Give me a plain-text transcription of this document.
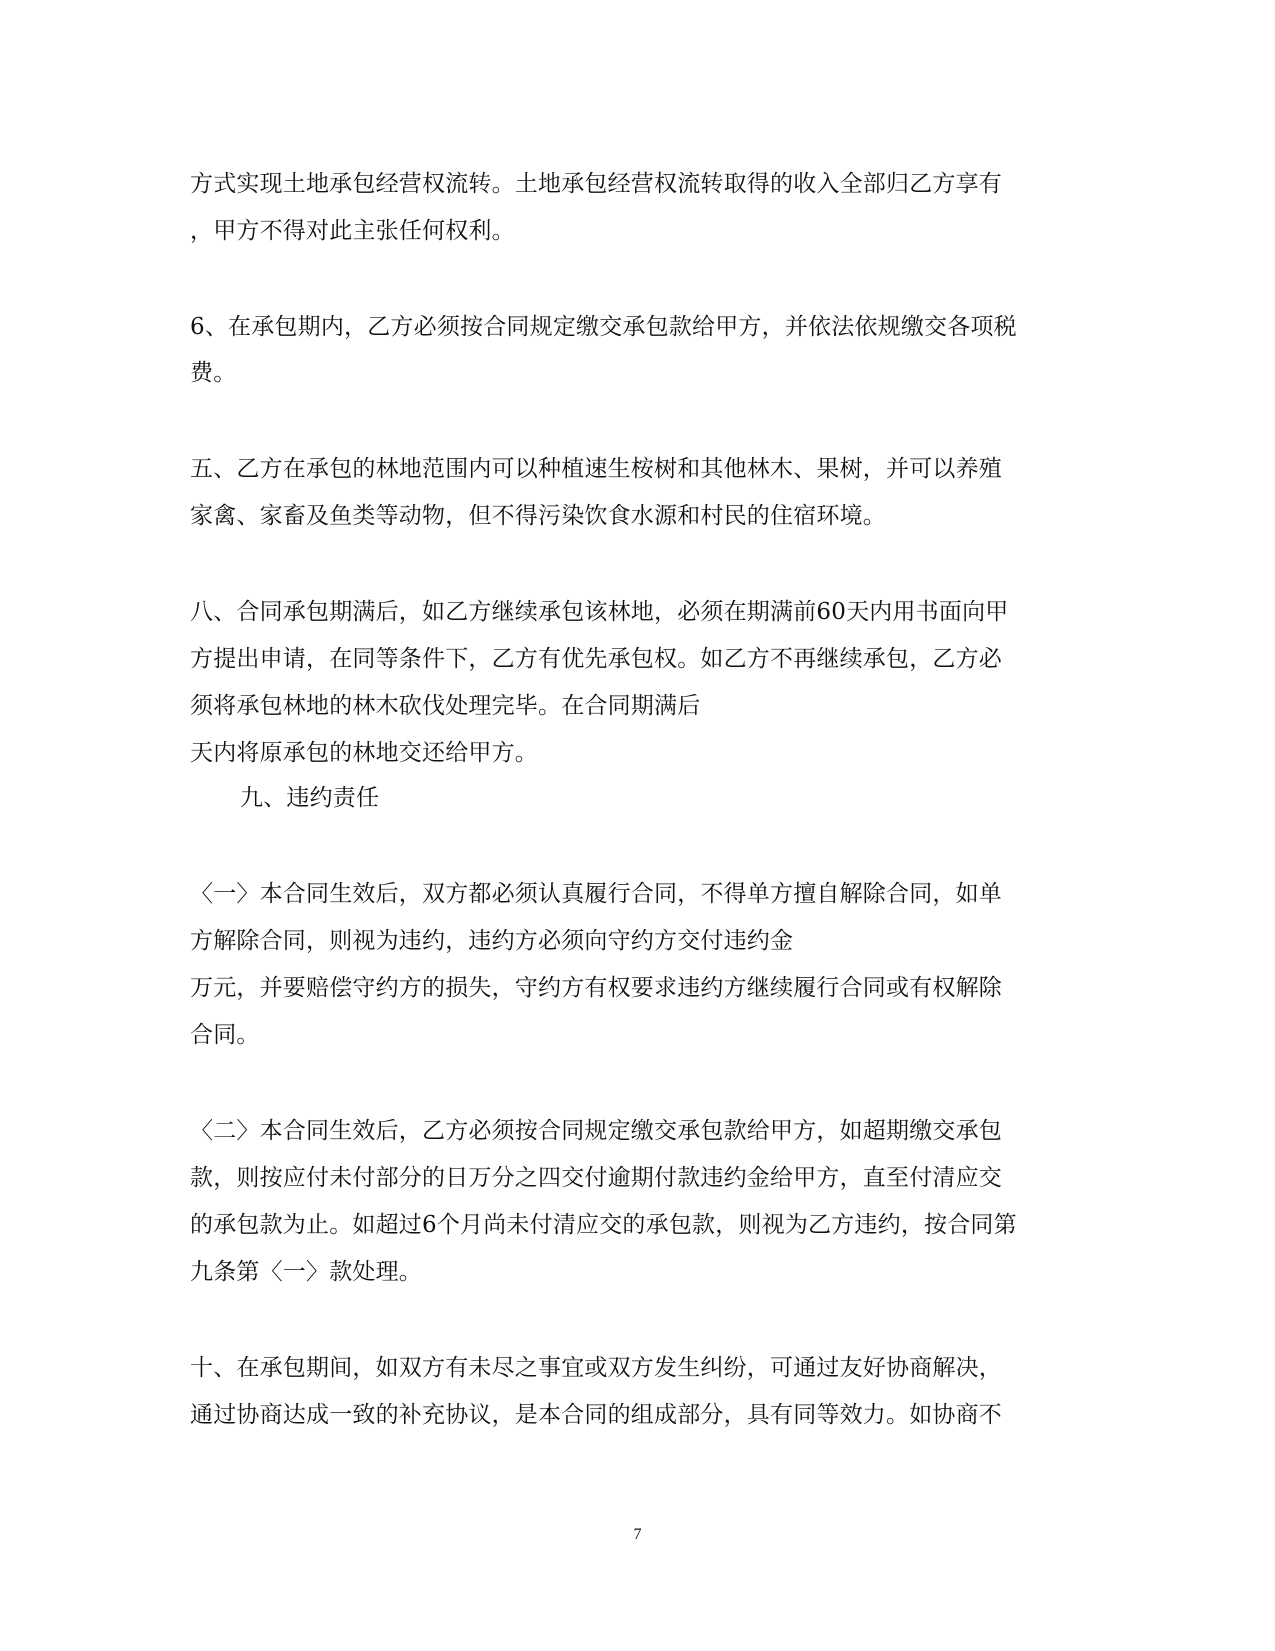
方式实现土地承包经营权流转。土地承包经营权流转取得的收入全部归乙方享有
，甲方不得对此主张任何权利。
6、在承包期内，乙方必须按合同规定缴交承包款给甲方，并依法依规缴交各项税
费。
五、乙方在承包的林地范围内可以种植速生桉树和其他林木、果树，并可以养殖
家禽、家畜及鱼类等动物，但不得污染饮食水源和村民的住宿环境。
八、合同承包期满后，如乙方继续承包该林地，必须在期满前60天内用书面向甲
方提出申请，在同等条件下，乙方有优先承包权。如乙方不再继续承包，乙方必
须将承包林地的林木砍伐处理完毕。在合同期满后
天内将原承包的林地交还给甲方。
九、违约责任
〈一〉本合同生效后，双方都必须认真履行合同，不得单方擅自解除合同，如单
方解除合同，则视为违约，违约方必须向守约方交付违约金
万元，并要赔偿守约方的损失，守约方有权要求违约方继续履行合同或有权解除
合同。
〈二〉本合同生效后，乙方必须按合同规定缴交承包款给甲方，如超期缴交承包
款，则按应付未付部分的日万分之四交付逾期付款违约金给甲方，直至付清应交
的承包款为止。如超过6个月尚未付清应交的承包款，则视为乙方违约，按合同第
九条第〈一〉款处理。
十、在承包期间，如双方有未尽之事宜或双方发生纠纷，可通过友好协商解决，
通过协商达成一致的补充协议，是本合同的组成部分，具有同等效力。如协商不
7
